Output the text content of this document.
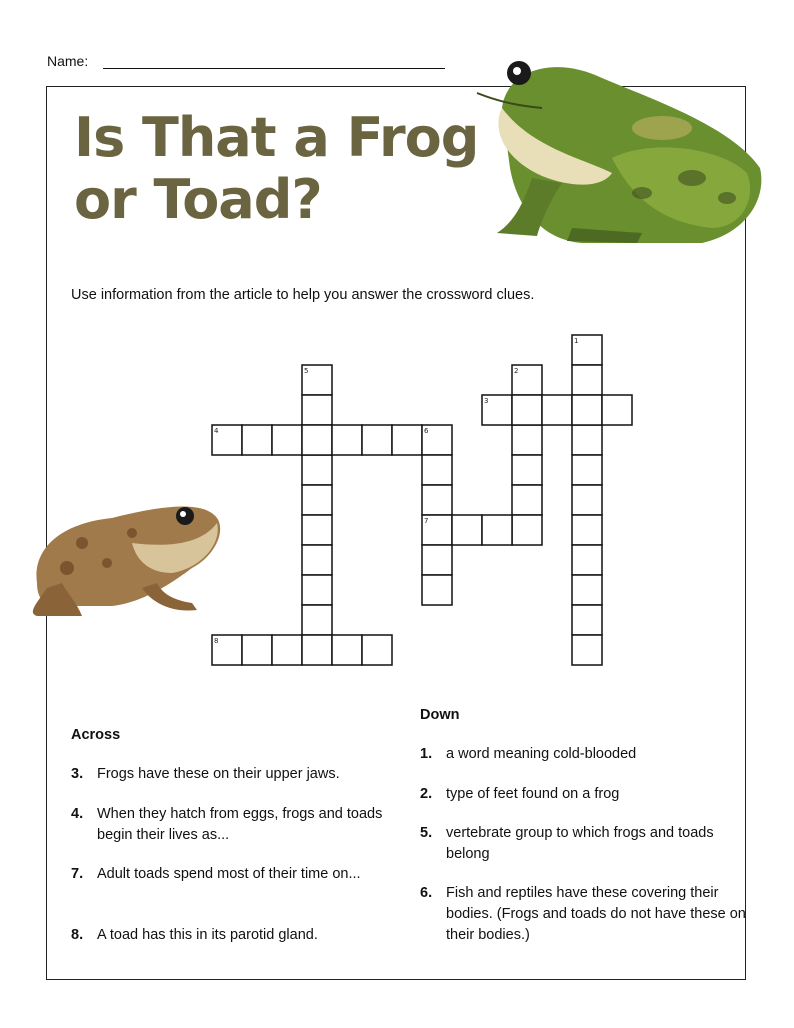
Name:
Is That a Frog
or Toad?
Use information from the article to help you answer the crossword clues.
1
2
3
4
5
6
7
8
Across
3. Frogs have these on their upper jaws.
4. When they hatch from eggs, frogs and toads begin their lives as...
7. Adult toads spend most of their time on...
8. A toad has this in its parotid gland.
Down
1. a word meaning cold-blooded
2. type of feet found on a frog
5. vertebrate group to which frogs and toads belong
6. Fish and reptiles have these covering their bodies. (Frogs and toads do not have these on their bodies.)
